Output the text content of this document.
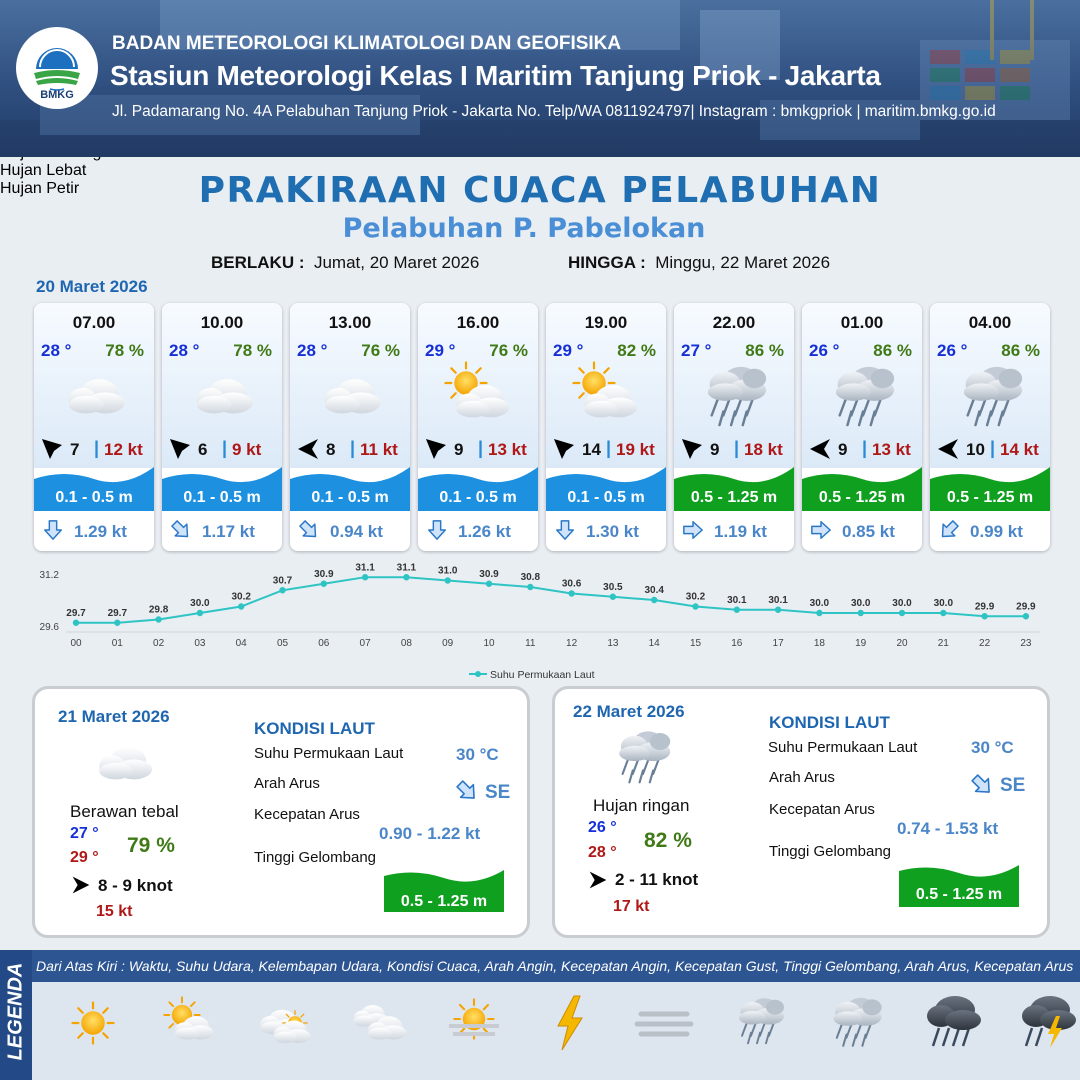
BMKG
BADAN METEOROLOGI KLIMATOLOGI DAN GEOFISIKA
Stasiun Meteorologi Kelas I Maritim Tanjung Priok - Jakarta
Jl. Padamarang No. 4A Pelabuhan Tanjung Priok - Jakarta No. Telp/WA 0811924797| Instagram : bmkgpriok | maritim.bmkg.go.id
PRAKIRAAN CUACA PELABUHAN
Pelabuhan P. Pabelokan
BERLAKU : Jumat, 20 Maret 2026	HINGGA : Minggu, 22 Maret 2026
20 Maret 2026
07.00
28 ° 78 %
7 | 12 kt
0.1 - 0.5 m
1.29 kt
10.00
28 ° 78 %
6 | 9 kt
0.1 - 0.5 m
1.17 kt
13.00
28 ° 76 %
8 | 11 kt
0.1 - 0.5 m
0.94 kt
16.00
29 ° 76 %
9 | 13 kt
0.1 - 0.5 m
1.26 kt
19.00
29 ° 82 %
14 | 19 kt
0.1 - 0.5 m
1.30 kt
22.00
27 ° 86 %
9 | 18 kt
0.5 - 1.25 m
1.19 kt
01.00
26 ° 86 %
9 | 13 kt
0.5 - 1.25 m
0.85 kt
04.00
26 ° 86 %
10 | 14 kt
0.5 - 1.25 m
0.99 kt
31.2
29.6
29.7
00
29.7
01
29.8
02
30.0
03
30.2
04
30.7
05
30.9
06
31.1
07
31.1
08
31.0
09
30.9
10
30.8
11
30.6
12
30.5
13
30.4
14
30.2
15
30.1
16
30.1
17
30.0
18
30.0
19
30.0
20
30.0
21
29.9
22
29.9
23
Suhu Permukaan Laut
21 Maret 2026
Berawan tebal
27 °
29 °
79 %
8 - 9 knot
15 kt
KONDISI LAUT
Suhu Permukaan Laut	30 °C
Arah Arus	SE
Kecepatan Arus
0.90 - 1.22 kt
Tinggi Gelombang
0.5 - 1.25 m
22 Maret 2026
Hujan ringan
26 °
28 °
82 %
2 - 11 knot
17 kt
KONDISI LAUT
Suhu Permukaan Laut	30 °C
Arah Arus	SE
Kecepatan Arus
0.74 - 1.53 kt
Tinggi Gelombang
0.5 - 1.25 m
LEGENDA Dari Atas Kiri : Waktu, Suhu Udara, Kelembapan Udara, Kondisi Cuaca, Arah Angin, Kecepatan Angin, Kecepatan Gust, Tinggi Gelombang, Arah Arus, Kecepatan Arus
Hujan Lebat
Hujan Petir
